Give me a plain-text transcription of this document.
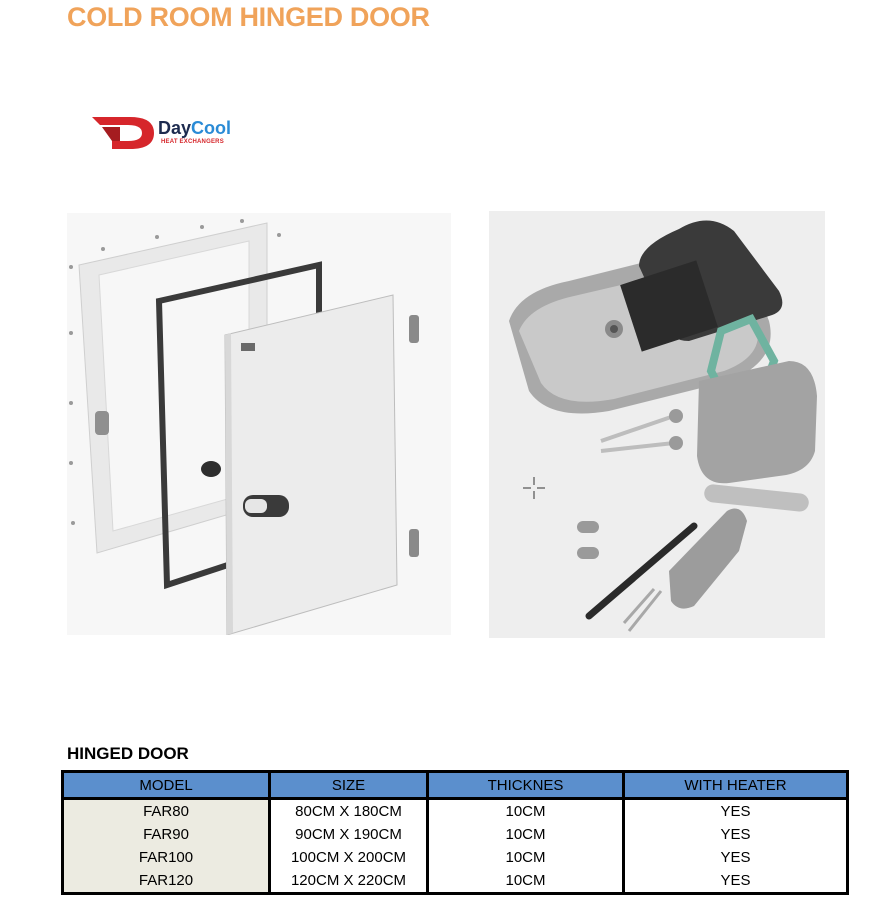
COLD ROOM HINGED DOOR
DayCool
HEAT EXCHANGERS
HINGED DOOR
MODEL	SIZE	THICKNES	WITH HEATER
FAR80	80CM X 180CM	10CM	YES
FAR90	90CM X 190CM	10CM	YES
FAR100	100CM X 200CM	10CM	YES
FAR120	120CM X 220CM	10CM	YES
